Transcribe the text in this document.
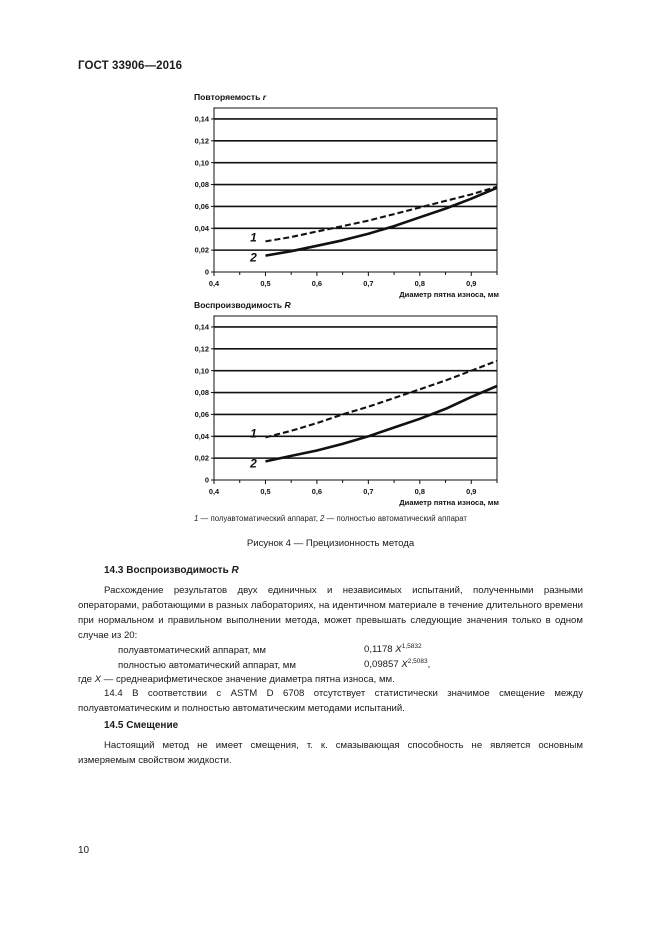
ГОСТ 33906—2016
Повторяемость r
0
0,02
0,04
0,06
0,08
0,10
0,12
0,14
0,4	0,5	0,6	0,7	0,8	0,9
Диаметр пятна износа, мм
1
2
Воспроизводимость R
0
0,02
0,04
0,06
0,08
0,10
0,12
0,14
0,4	0,5	0,6	0,7	0,8	0,9
Диаметр пятна износа, мм
1
2
1 — полуавтоматический аппарат, 2 — полностью автоматический аппарат
Рисунок 4 — Прецизионность метода
14.3 Воспроизводимость R
Расхождение результатов двух единичных и независимых испытаний, полученными разными операторами, работающими в разных лабораториях, на идентичном материале в течение длительного времени при нормальном и правильном выполнении метода, может превышать следующие значения только в одном случае из 20:
полуавтоматический аппарат, мм	0,1178 $X^{1,5832}$
полностью автоматический аппарат, мм	0,09857 $X^{2,5083}$,
где X — среднеарифметическое значение диаметра пятна износа, мм.
14.4 В соответствии с ASTM D 6708 отсутствует статистически значимое смещение между полуавтоматическим и полностью автоматическим методами испытаний.
14.5 Смещение
Настоящий метод не имеет смещения, т. к. смазывающая способность не является основным измеряемым свойством жидкости.
10
